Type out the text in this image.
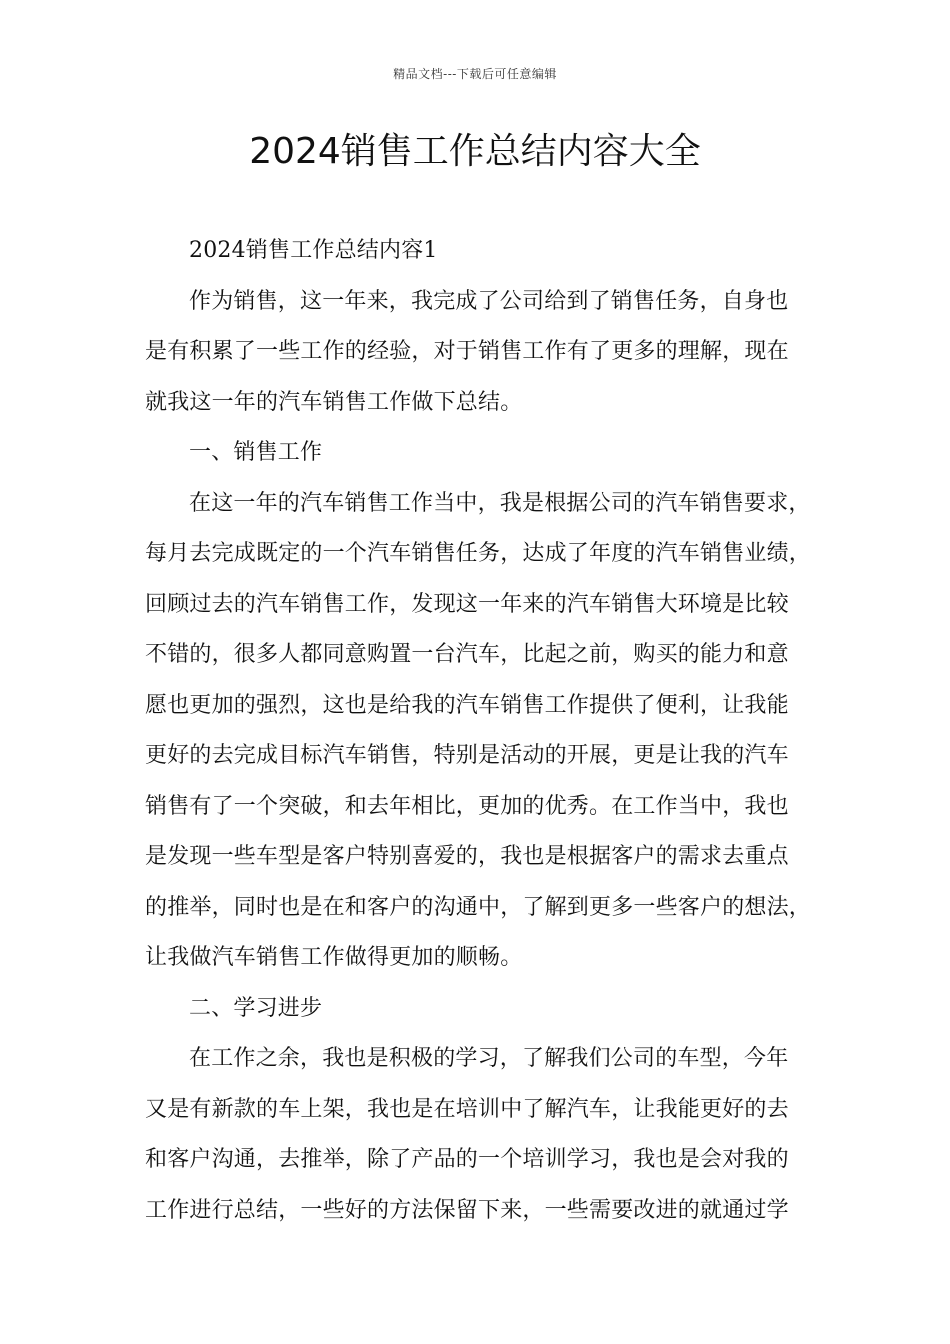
精品文档---下载后可任意编辑
2024销售工作总结内容大全
2024销售工作总结内容1
作为销售，这一年来，我完成了公司给到了销售任务，自身也
是有积累了一些工作的经验，对于销售工作有了更多的理解，现在
就我这一年的汽车销售工作做下总结。
一、销售工作
在这一年的汽车销售工作当中，我是根据公司的汽车销售要求，
每月去完成既定的一个汽车销售任务，达成了年度的汽车销售业绩，
回顾过去的汽车销售工作，发现这一年来的汽车销售大环境是比较
不错的，很多人都同意购置一台汽车，比起之前，购买的能力和意
愿也更加的强烈，这也是给我的汽车销售工作提供了便利，让我能
更好的去完成目标汽车销售，特别是活动的开展，更是让我的汽车
销售有了一个突破，和去年相比，更加的优秀。在工作当中，我也
是发现一些车型是客户特别喜爱的，我也是根据客户的需求去重点
的推举，同时也是在和客户的沟通中，了解到更多一些客户的想法，
让我做汽车销售工作做得更加的顺畅。
二、学习进步
在工作之余，我也是积极的学习，了解我们公司的车型，今年
又是有新款的车上架，我也是在培训中了解汽车，让我能更好的去
和客户沟通，去推举，除了产品的一个培训学习，我也是会对我的
工作进行总结，一些好的方法保留下来，一些需要改进的就通过学
